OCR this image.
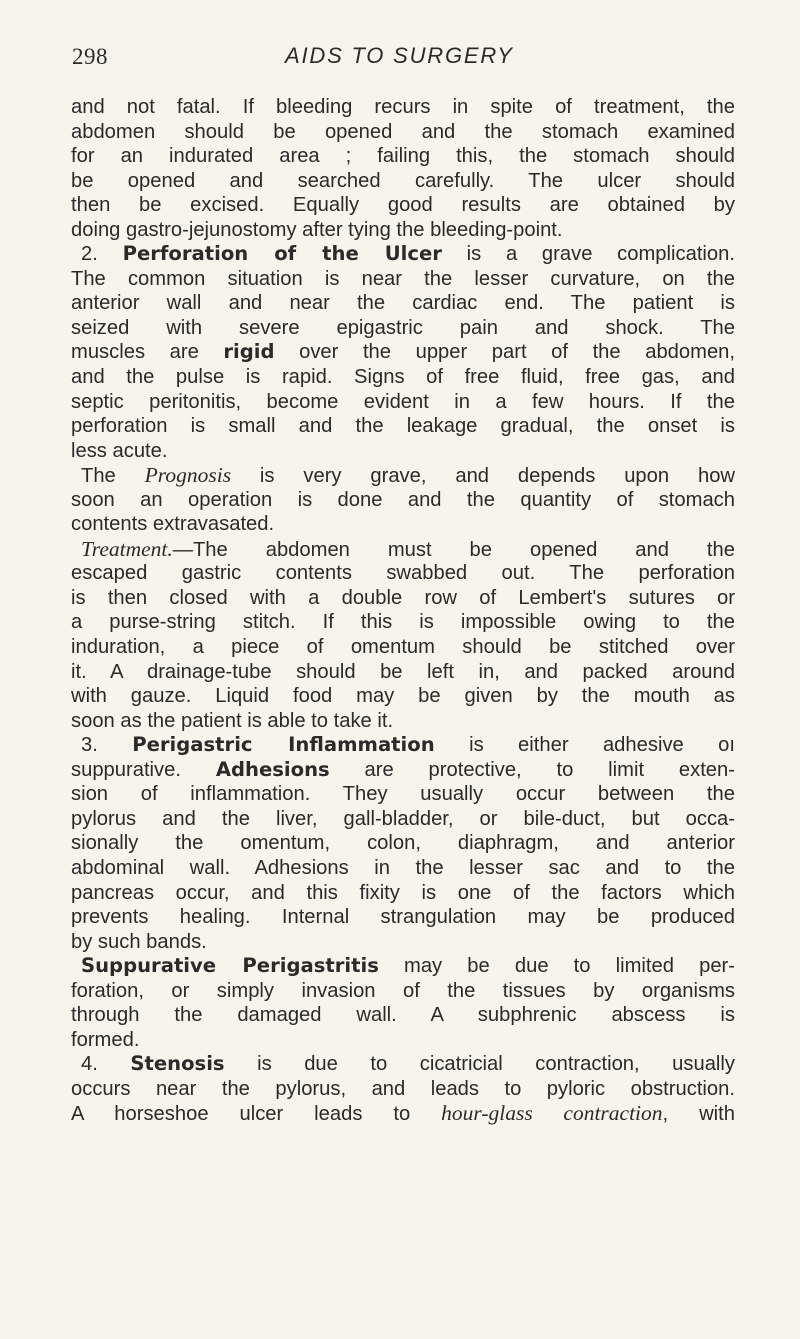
298	AIDS TO SURGERY
and not fatal. If bleeding recurs in spite of treatment, the
abdomen should be opened and the stomach examined
for an indurated area ; failing this, the stomach should
be opened and searched carefully. The ulcer should
then be excised. Equally good results are obtained by
doing gastro-jejunostomy after tying the bleeding-point.
2. Perforation of the Ulcer is a grave complication.
The common situation is near the lesser curvature, on the
anterior wall and near the cardiac end. The patient is
seized with severe epigastric pain and shock. The
muscles are rigid over the upper part of the abdomen,
and the pulse is rapid. Signs of free fluid, free gas, and
septic peritonitis, become evident in a few hours. If the
perforation is small and the leakage gradual, the onset is
less acute.
The Prognosis is very grave, and depends upon how
soon an operation is done and the quantity of stomach
contents extravasated.
Treatment.—The abdomen must be opened and the
escaped gastric contents swabbed out. The perforation
is then closed with a double row of Lembert's sutures or
a purse-string stitch. If this is impossible owing to the
induration, a piece of omentum should be stitched over
it. A drainage-tube should be left in, and packed around
with gauze. Liquid food may be given by the mouth as
soon as the patient is able to take it.
3. Perigastric Inflammation is either adhesive oı
suppurative. Adhesions are protective, to limit exten-
sion of inflammation. They usually occur between the
pylorus and the liver, gall-bladder, or bile-duct, but occa-
sionally the omentum, colon, diaphragm, and anterior
abdominal wall. Adhesions in the lesser sac and to the
pancreas occur, and this fixity is one of the factors which
prevents healing. Internal strangulation may be produced
by such bands.
Suppurative Perigastritis may be due to limited per-
foration, or simply invasion of the tissues by organisms
through the damaged wall. A subphrenic abscess is
formed.
4. Stenosis is due to cicatricial contraction, usually
occurs near the pylorus, and leads to pyloric obstruction.
A horseshoe ulcer leads to hour-glass contraction, with
